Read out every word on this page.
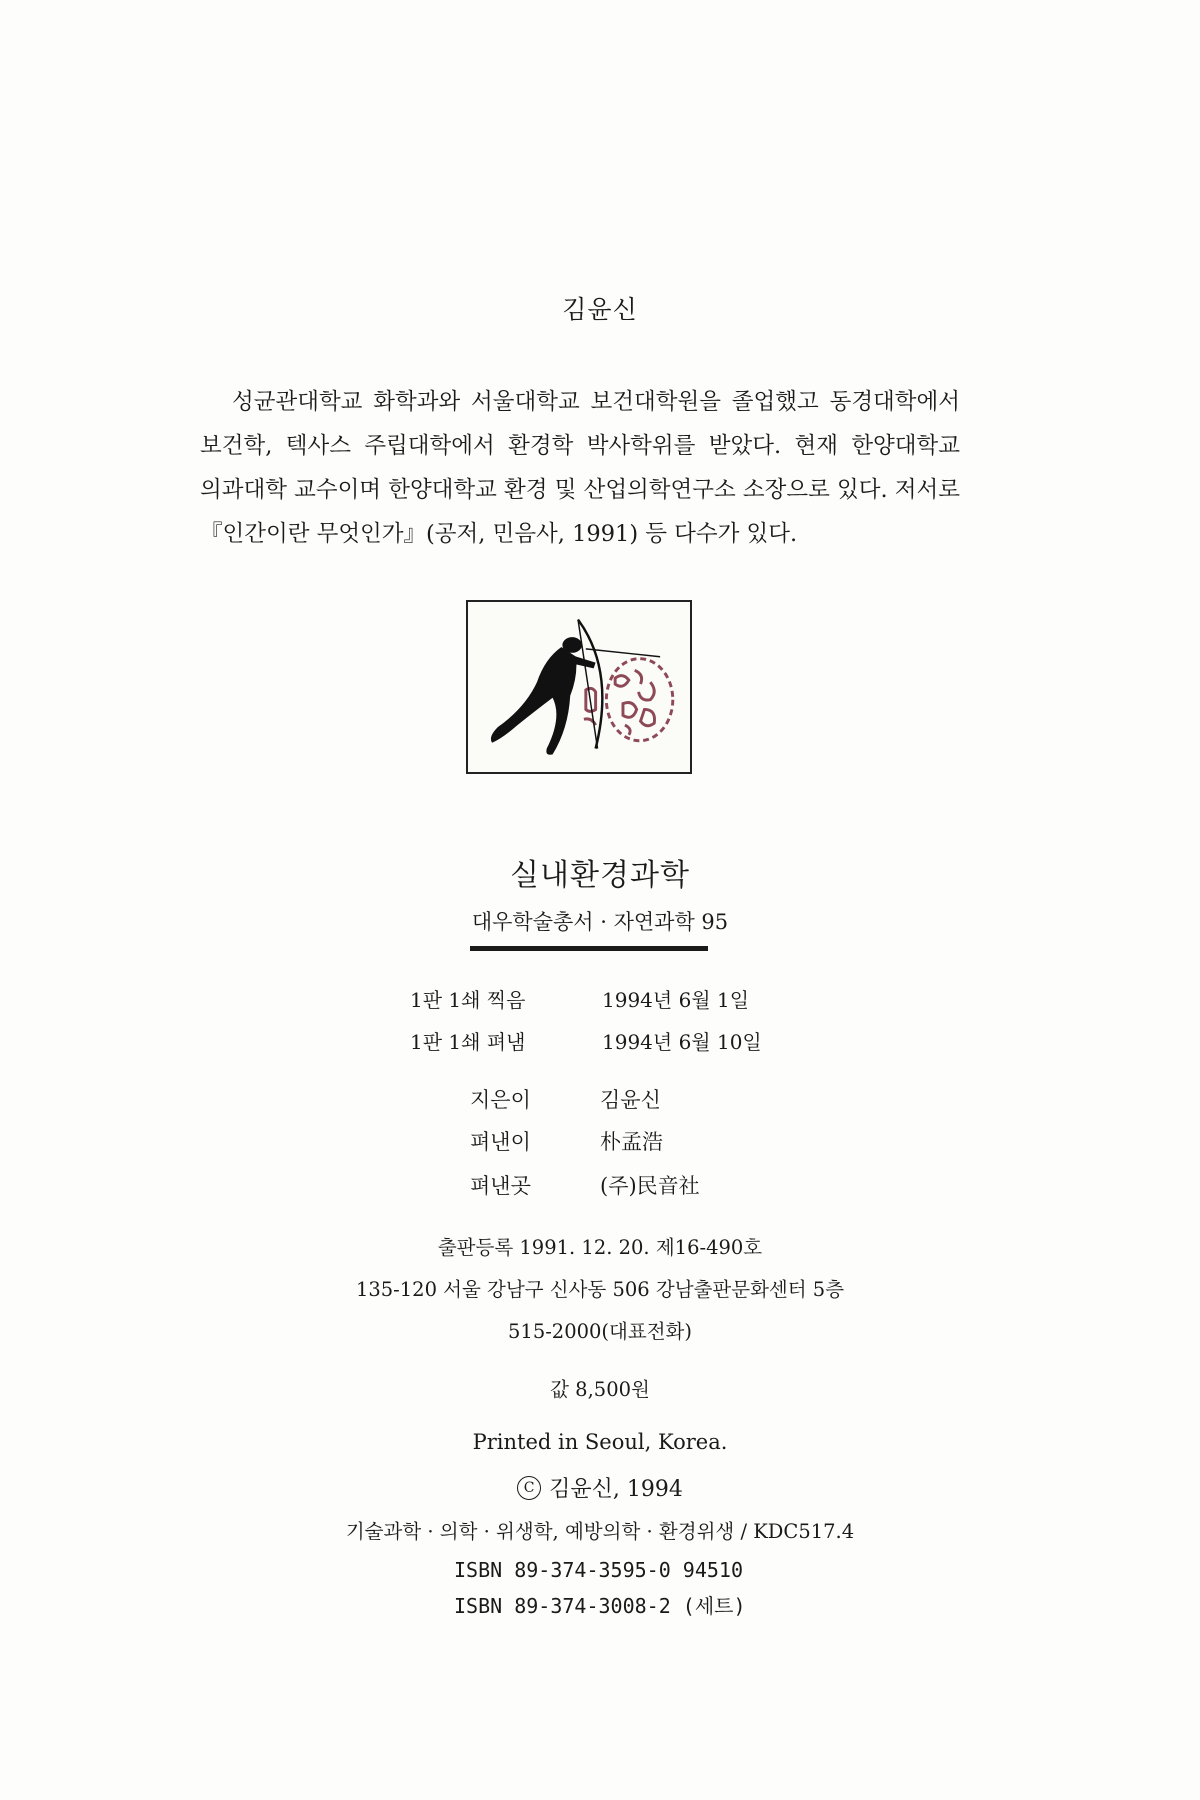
김윤신
성균관대학교 화학과와 서울대학교 보건대학원을 졸업했고 동경대학에서 보건학, 텍사스 주립대학에서 환경학 박사학위를 받았다. 현재 한양대학교 의과대학 교수이며 한양대학교 환경 및 산업의학연구소 소장으로 있다. 저서로 『인간이란 무엇인가』(공저, 민음사, 1991) 등 다수가 있다.
실내환경과학
대우학술총서 · 자연과학 95
1판 1쇄 찍음	1994년 6월 1일
1판 1쇄 펴냄	1994년 6월 10일
지은이	김윤신
펴낸이	朴孟浩
펴낸곳	(주)民音社
출판등록 1991. 12. 20. 제16-490호
135-120 서울 강남구 신사동 506 강남출판문화센터 5층
515-2000(대표전화)
값 8,500원
Printed in Seoul, Korea.
C 김윤신, 1994
기술과학 · 의학 · 위생학, 예방의학 · 환경위생 / KDC517.4
ISBN 89-374-3595-0 94510
ISBN 89-374-3008-2 (세트)
